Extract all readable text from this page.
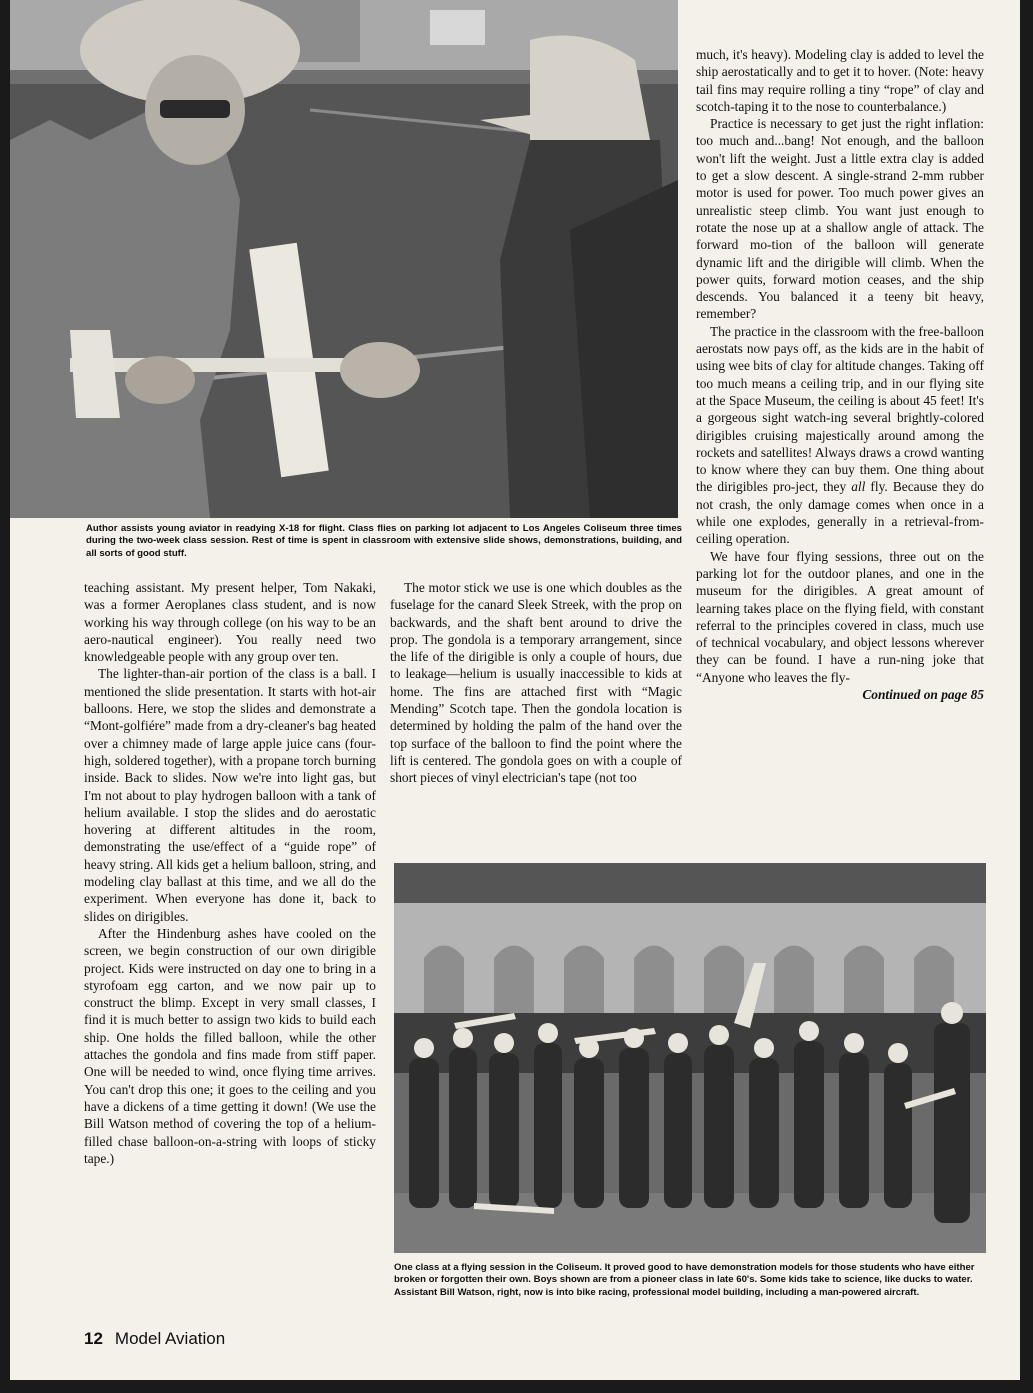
Author assists young aviator in readying X-18 for flight. Class flies on parking lot adjacent to Los Angeles Coliseum three times during the two-week class session. Rest of time is spent in classroom with extensive slide shows, demonstrations, building, and all sorts of good stuff.

teaching assistant. My present helper, Tom Nakaki, was a former Aeroplanes class student, and is now working his way through college (on his way to be an aero-nautical engineer). You really need two knowledgeable people with any group over ten.

The lighter-than-air portion of the class is a ball. I mentioned the slide presentation. It starts with hot-air balloons. Here, we stop the slides and demonstrate a “Mont-golfiére” made from a dry-cleaner's bag heated over a chimney made of large apple juice cans (four-high, soldered together), with a propane torch burning inside. Back to slides. Now we're into light gas, but I'm not about to play hydrogen balloon with a tank of helium available. I stop the slides and do aerostatic hovering at different altitudes in the room, demonstrating the use/effect of a “guide rope” of heavy string. All kids get a helium balloon, string, and modeling clay ballast at this time, and we all do the experiment. When everyone has done it, back to slides on dirigibles.

After the Hindenburg ashes have cooled on the screen, we begin construction of our own dirigible project. Kids were instructed on day one to bring in a styrofoam egg carton, and we now pair up to construct the blimp. Except in very small classes, I find it is much better to assign two kids to build each ship. One holds the filled balloon, while the other attaches the gondola and fins made from stiff paper. One will be needed to wind, once flying time arrives. You can't drop this one; it goes to the ceiling and you have a dickens of a time getting it down! (We use the Bill Watson method of covering the top of a helium-filled chase balloon-on-a-string with loops of sticky tape.)

The motor stick we use is one which doubles as the fuselage for the canard Sleek Streek, with the prop on backwards, and the shaft bent around to drive the prop. The gondola is a temporary arrangement, since the life of the dirigible is only a couple of hours, due to leakage—helium is usually inaccessible to kids at home. The fins are attached first with “Magic Mending” Scotch tape. Then the gondola location is determined by holding the palm of the hand over the top surface of the balloon to find the point where the lift is centered. The gondola goes on with a couple of short pieces of vinyl electrician's tape (not too

much, it's heavy). Modeling clay is added to level the ship aerostatically and to get it to hover. (Note: heavy tail fins may require rolling a tiny “rope” of clay and scotch-taping it to the nose to counterbalance.)

Practice is necessary to get just the right inflation: too much and...bang! Not enough, and the balloon won't lift the weight. Just a little extra clay is added to get a slow descent. A single-strand 2-mm rubber motor is used for power. Too much power gives an unrealistic steep climb. You want just enough to rotate the nose up at a shallow angle of attack. The forward mo-tion of the balloon will generate dynamic lift and the dirigible will climb. When the power quits, forward motion ceases, and the ship descends. You balanced it a teeny bit heavy, remember?

The practice in the classroom with the free-balloon aerostats now pays off, as the kids are in the habit of using wee bits of clay for altitude changes. Taking off too much means a ceiling trip, and in our flying site at the Space Museum, the ceiling is about 45 feet! It's a gorgeous sight watch-ing several brightly-colored dirigibles cruising majestically around among the rockets and satellites! Always draws a crowd wanting to know where they can buy them. One thing about the dirigibles pro-ject, they all fly. Because they do not crash, the only damage comes when once in a while one explodes, generally in a retrieval-from-ceiling operation.

We have four flying sessions, three out on the parking lot for the outdoor planes, and one in the museum for the dirigibles. A great amount of learning takes place on the flying field, with constant referral to the principles covered in class, much use of technical vocabulary, and object lessons wherever they can be found. I have a run-ning joke that “Anyone who leaves the fly-

Continued on page 85

One class at a flying session in the Coliseum. It proved good to have demonstration models for those students who have either broken or forgotten their own. Boys shown are from a pioneer class in late 60's. Some kids take to science, like ducks to water. Assistant Bill Watson, right, now is into bike racing, professional model building, including a man-powered aircraft.

12 Model Aviation
